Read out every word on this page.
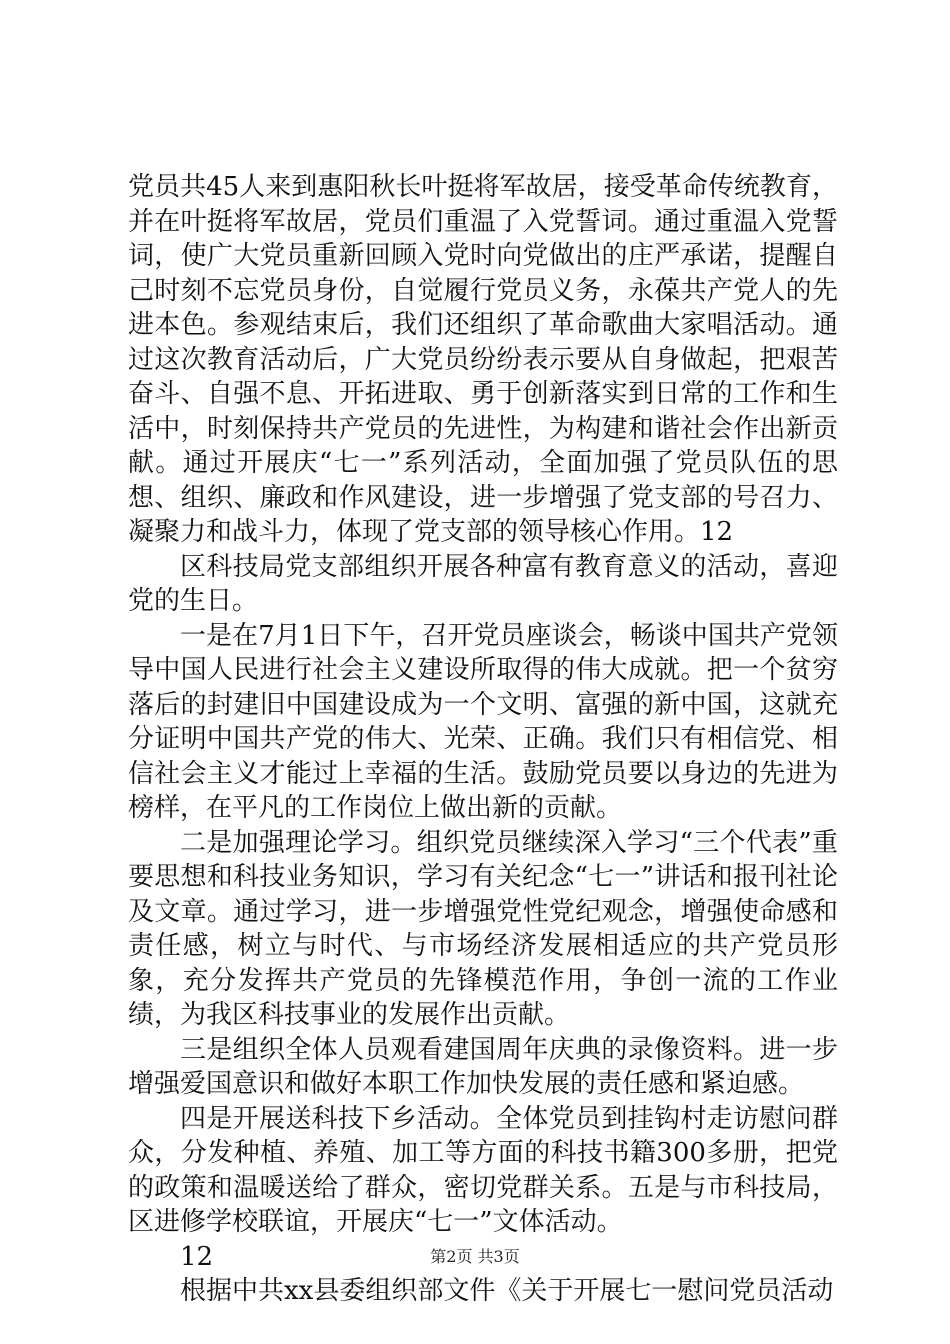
党员共45人来到惠阳秋长叶挺将军故居，接受革命传统教育，并在叶挺将军故居，党员们重温了入党誓词。通过重温入党誓词，使广大党员重新回顾入党时向党做出的庄严承诺，提醒自己时刻不忘党员身份，自觉履行党员义务，永葆共产党人的先进本色。参观结束后，我们还组织了革命歌曲大家唱活动。通过这次教育活动后，广大党员纷纷表示要从自身做起，把艰苦奋斗、自强不息、开拓进取、勇于创新落实到日常的工作和生活中，时刻保持共产党员的先进性，为构建和谐社会作出新贡献。通过开展庆“七一”系列活动，全面加强了党员队伍的思想、组织、廉政和作风建设，进一步增强了党支部的号召力、凝聚力和战斗力，体现了党支部的领导核心作用。12

区科技局党支部组织开展各种富有教育意义的活动，喜迎党的生日。

一是在7月1日下午，召开党员座谈会，畅谈中国共产党领导中国人民进行社会主义建设所取得的伟大成就。把一个贫穷落后的封建旧中国建设成为一个文明、富强的新中国，这就充分证明中国共产党的伟大、光荣、正确。我们只有相信党、相信社会主义才能过上幸福的生活。鼓励党员要以身边的先进为榜样，在平凡的工作岗位上做出新的贡献。

二是加强理论学习。组织党员继续深入学习“三个代表”重要思想和科技业务知识，学习有关纪念“七一”讲话和报刊社论及文章。通过学习，进一步增强党性党纪观念，增强使命感和责任感，树立与时代、与市场经济发展相适应的共产党员形象，充分发挥共产党员的先锋模范作用，争创一流的工作业绩，为我区科技事业的发展作出贡献。

三是组织全体人员观看建国周年庆典的录像资料。进一步增强爱国意识和做好本职工作加快发展的责任感和紧迫感。

四是开展送科技下乡活动。全体党员到挂钩村走访慰问群众，分发种植、养殖、加工等方面的科技书籍300多册，把党的政策和温暖送给了群众，密切党群关系。五是与市科技局，区进修学校联谊，开展庆“七一”文体活动。

12

根据中共xx县委组织部文件《关于开展七一慰问党员活动

第2页 共3页
